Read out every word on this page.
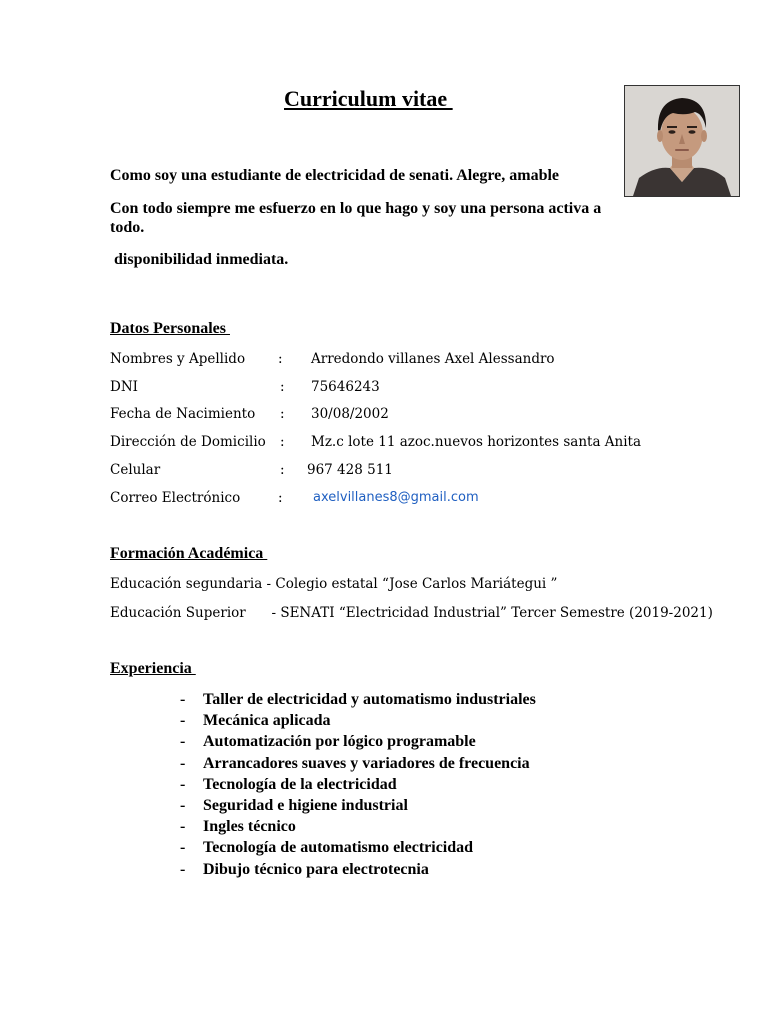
Curriculum vitae
Como soy una estudiante de electricidad de senati. Alegre, amable
Con todo siempre me esfuerzo en lo que hago y soy una persona activa a
todo.
disponibilidad inmediata.
Datos Personales
Nombres y Apellido : Arredondo villanes Axel Alessandro
DNI	: 75646243
Fecha de Nacimiento : 30/08/2002
Dirección de Domicilio : Mz.c lote 11 azoc.nuevos horizontes santa Anita
Celular	: 967 428 511
Correo Electrónico	: axelvillanes8@gmail.com
Formación Académica
Educación segundaria - Colegio estatal “Jose Carlos Mariátegui ”
Educación Superior      - SENATI “Electricidad Industrial” Tercer Semestre (2019-2021)
Experiencia
- Taller de electricidad y automatismo industriales
- Mecánica aplicada
- Automatización por lógico programable
- Arrancadores suaves y variadores de frecuencia
- Tecnología de la electricidad
- Seguridad e higiene industrial
- Ingles técnico
- Tecnología de automatismo electricidad
- Dibujo técnico para electrotecnia
